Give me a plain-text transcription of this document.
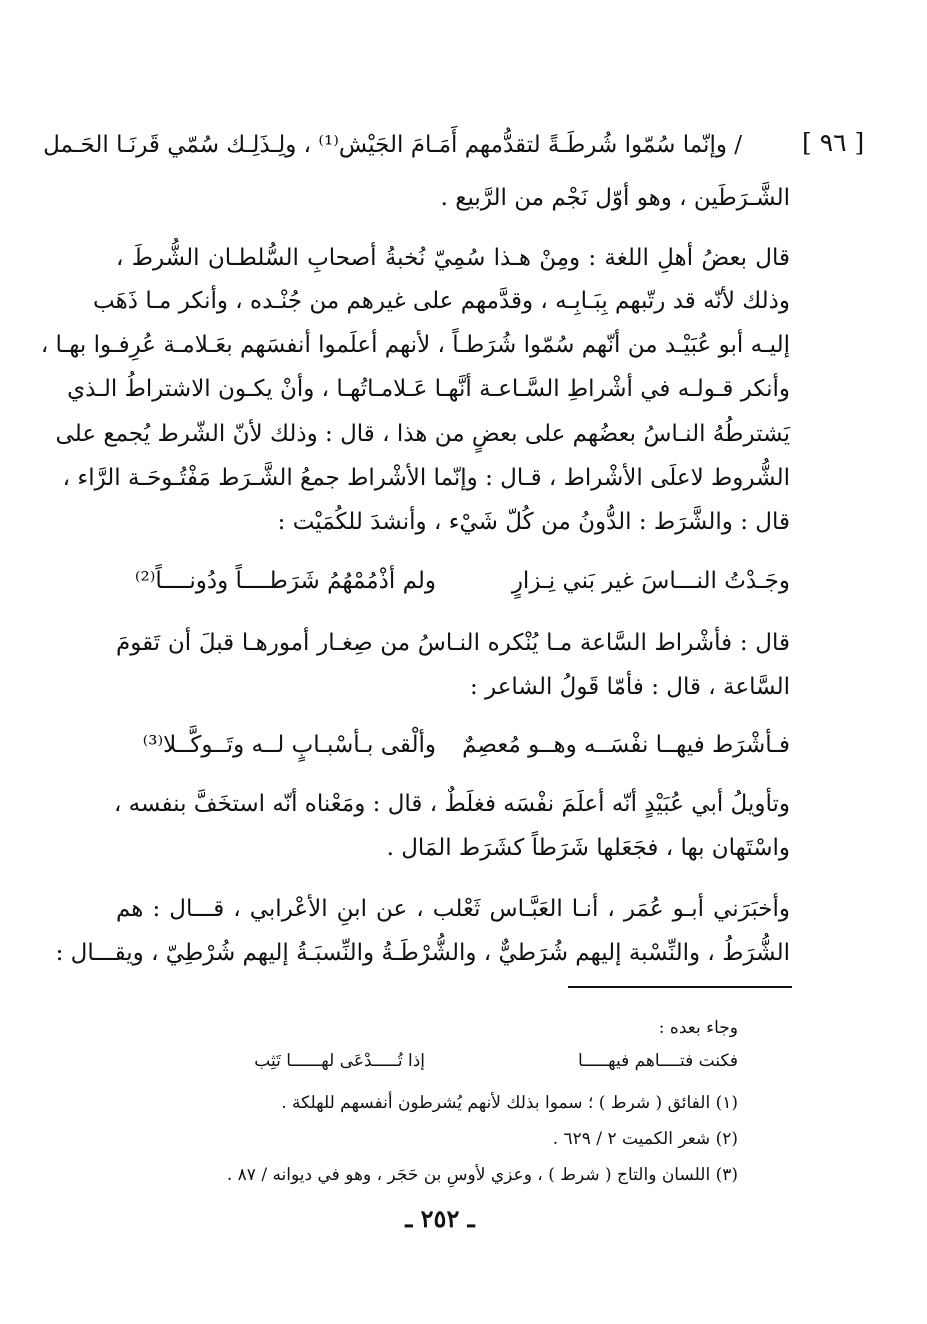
[ ٩٦ ]
/ وإنّما سُمّوا شُرطَـةً لتقدُّمهم أَمَـامَ الجَيْش⁽¹⁾ ، ولِـذَلِـك سُمّي قَرنَـا الحَـمل
الشَّـرَطَين ، وهو أوّل نَجْم من الرَّبيع .
قال بعضُ أهلِ اللغة : ومِنْ هـذا سُمِيّ نُخبةُ أصحابِ السُّلطـان الشُّرطَ ،
وذلك لأنّه قد رتّبهم بِبَـابِـه ، وقدَّمهم على غيرهم من جُنْـده ، وأنكر مـا ذَهَب
إليـه أبو عُبَيْـد من أنّهم سُمّوا شُرَطـاً ، لأنهم أعلَموا أنفسَهم بعَـلامـة عُرِفـوا بهـا ،
وأنكر قـولـه في أشْراطِ السَّـاعـة أنَّهـا عَـلامـاتُهـا ، وأنْ يكـون الاشتراطُ الـذي
يَشترطُهُ النـاسُ بعضُهم على بعضٍ من هذا ، قال : وذلك لأنّ الشّرط يُجمع على
الشُّروط لاعلَى الأشْراط ، قـال : وإنّما الأشْراط جمعُ الشَّـرَط مَفْتُـوحَـة الرَّاء ،
قال : والشَّرَط : الدُّونُ من كُلّ شَيْء ، وأنشدَ للكُمَيْت :
وجَـدْتُ النـــاسَ غير بَني نِـزارٍ
ولم أذْمُمْهُمُ شَرَطــــاً ودُونــــاً⁽²⁾
قال : فأشْراط السَّاعة مـا يُنْكره النـاسُ من صِغـار أمورهـا قبلَ أن تَقومَ
السَّاعة ، قال : فأمّا قَولُ الشاعر :
فـأشْرَط فيهــا نفْسَــه وهــو مُعصِمٌ
وألْقى بـأسْبـابٍ لــه وتَــوكَّــلا⁽³⁾
وتأويلُ أبي عُبَيْدٍ أنّه أعلَمَ نفْسَه فغلَطٌ ، قال : ومَعْناه أنّه استخَفَّ بنفسه ،
واسْتَهان بها ، فجَعَلها شَرَطاً كشَرَط المَال .
وأخبَرَني أبـو عُمَر ، أنـا العَبَّـاس ثَعْلب ، عن ابنِ الأعْرابي ، قـــال : هم
الشُّرَطُ ، والنِّسْبة إليهم شُرَطيٌّ ، والشُّرْطَـةُ والنِّسبَـةُ إليهم شُرْطِيّ ، ويقـــال :
وجاء بعده :
فكنت فتــــاهم فيهـــــا
إذا تُـــــدْعَى لهــــــا تَثِب
(١) الفائق ( شرط ) ؛ سموا بذلك لأنهم يُشرطون أنفسهم للهلكة .
(٢) شعر الكميت ٢ / ٦٢٩ .
(٣) اللسان والتاج ( شرط ) ، وعزي لأوسِ بن حَجَر ، وهو في ديوانه / ٨٧ .
ـ ٢٥٢ ـ
